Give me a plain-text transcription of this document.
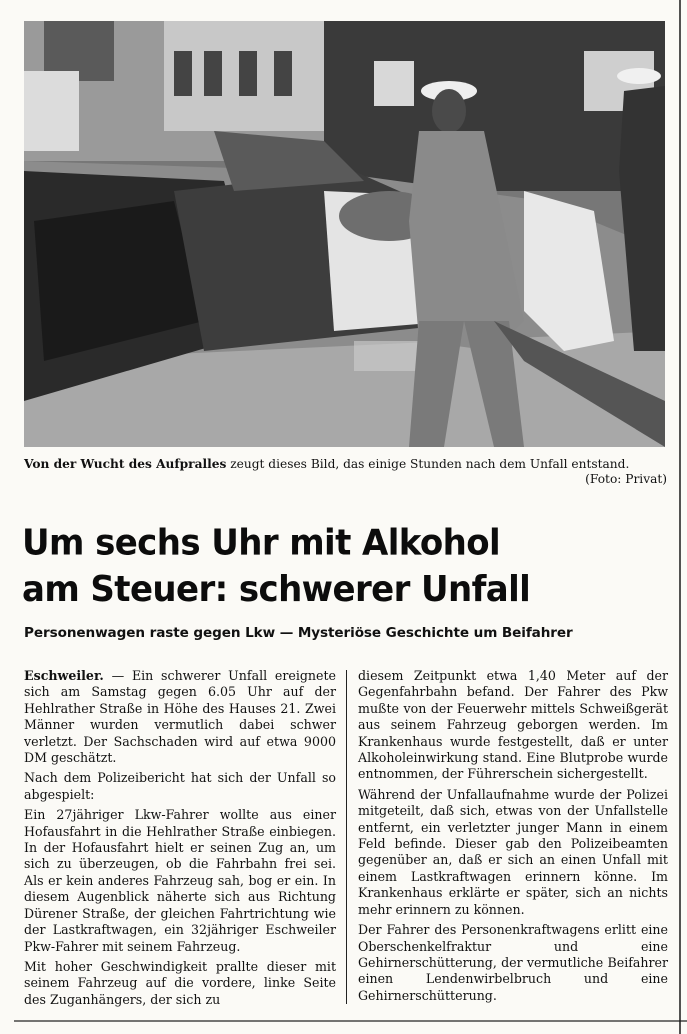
Von der Wucht des Aufpralles zeugt dieses Bild, das einige Stunden nach dem Unfall entstand.
(Foto: Privat)
Um sechs Uhr mit Alkohol
am Steuer: schwerer Unfall
Personenwagen raste gegen Lkw — Mysteriöse Geschichte um Beifahrer

Eschweiler. — Ein schwerer Unfall ereignete sich am Samstag gegen 6.05 Uhr auf der Hehlrather Straße in Höhe des Hauses 21. Zwei Männer wurden vermutlich dabei schwer verletzt. Der Sachschaden wird auf etwa 9000 DM geschätzt.

Nach dem Polizeibericht hat sich der Unfall so abgespielt:

Ein 27jähriger Lkw-Fahrer wollte aus einer Hofausfahrt in die Hehlrather Straße einbiegen. In der Hofausfahrt hielt er seinen Zug an, um sich zu überzeugen, ob die Fahrbahn frei sei. Als er kein anderes Fahrzeug sah, bog er ein. In diesem Augenblick näherte sich aus Richtung Dürener Straße, der gleichen Fahrtrichtung wie der Lastkraftwagen, ein 32jähriger Eschweiler Pkw-Fahrer mit seinem Fahrzeug.

Mit hoher Geschwindigkeit prallte dieser mit seinem Fahrzeug auf die vordere, linke Seite des Zuganhängers, der sich zu

diesem Zeitpunkt etwa 1,40 Meter auf der Gegenfahrbahn befand. Der Fahrer des Pkw mußte von der Feuerwehr mittels Schweißgerät aus seinem Fahrzeug geborgen werden. Im Krankenhaus wurde festgestellt, daß er unter Alkoholeinwirkung stand. Eine Blutprobe wurde entnommen, der Führerschein sichergestellt.

Während der Unfallaufnahme wurde der Polizei mitgeteilt, daß sich, etwas von der Unfallstelle entfernt, ein verletzter junger Mann in einem Feld befinde. Dieser gab den Polizeibeamten gegenüber an, daß er sich an einen Unfall mit einem Lastkraftwagen erinnern könne. Im Krankenhaus erklärte er später, sich an nichts mehr erinnern zu können.

Der Fahrer des Personenkraftwagens erlitt eine Oberschenkelfraktur und eine Gehirnerschütterung, der vermutliche Beifahrer einen Lendenwirbelbruch und eine Gehirnerschütterung.
